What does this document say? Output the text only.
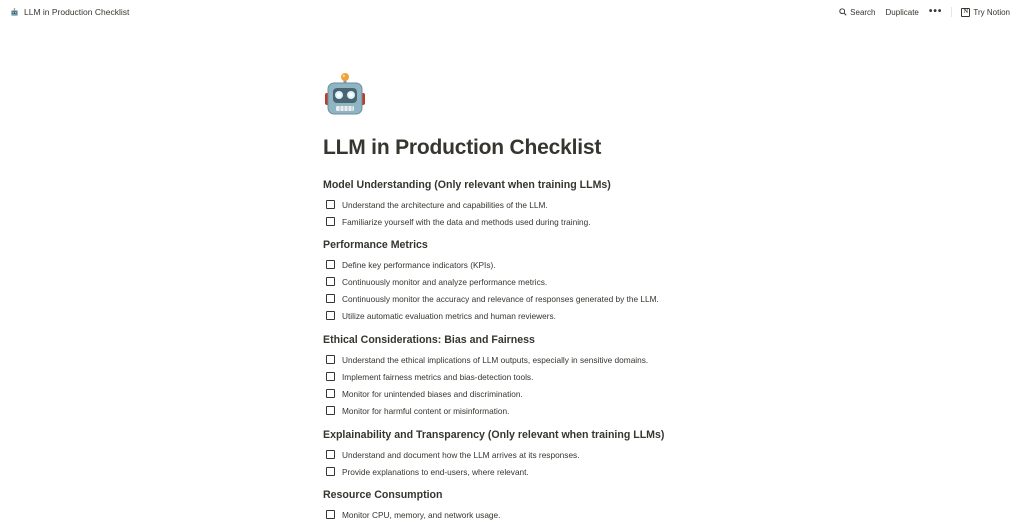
LLM in Production Checklist	Search Duplicate •••	N Try Notion
LLM in Production Checklist
Model Understanding (Only relevant when training LLMs)
Understand the architecture and capabilities of the LLM.
Familiarize yourself with the data and methods used during training.
Performance Metrics
Define key performance indicators (KPIs).
Continuously monitor and analyze performance metrics.
Continuously monitor the accuracy and relevance of responses generated by the LLM.
Utilize automatic evaluation metrics and human reviewers.
Ethical Considerations: Bias and Fairness
Understand the ethical implications of LLM outputs, especially in sensitive domains.
Implement fairness metrics and bias-detection tools.
Monitor for unintended biases and discrimination.
Monitor for harmful content or misinformation.
Explainability and Transparency (Only relevant when training LLMs)
Understand and document how the LLM arrives at its responses.
Provide explanations to end-users, where relevant.
Resource Consumption
Monitor CPU, memory, and network usage.
